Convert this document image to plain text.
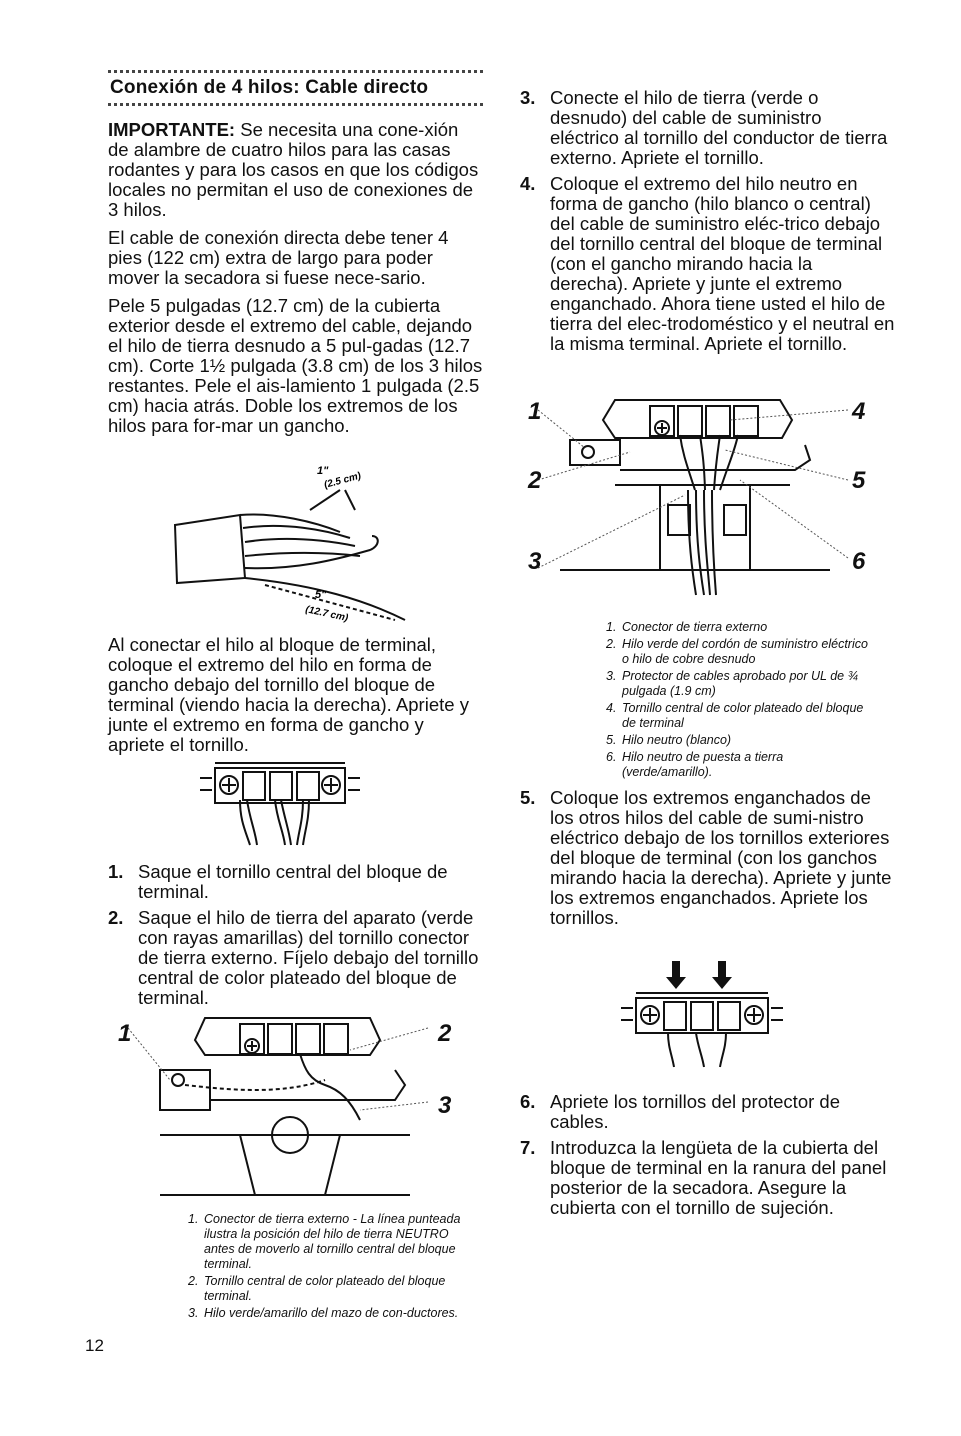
Conexión de 4 hilos: Cable directo

IMPORTANTE: Se necesita una cone-xión de alambre de cuatro hilos para las casas rodantes y para los casos en que los códigos locales no permitan el uso de conexiones de 3 hilos.

El cable de conexión directa debe tener 4 pies (122 cm) extra de largo para poder mover la secadora si fuese nece-sario.

Pele 5 pulgadas (12.7 cm) de la cubierta exterior desde el extremo del cable, dejando el hilo de tierra desnudo a 5 pul-gadas (12.7 cm). Corte 1½ pulgada (3.8 cm) de los 3 hilos restantes. Pele el ais-lamiento 1 pulgada (2.5 cm) hacia atrás. Doble los extremos de los hilos para for-mar un gancho.

1"
(2.5 cm)
5"
(12.7 cm)

Al conectar el hilo al bloque de terminal, coloque el extremo del hilo en forma de gancho debajo del tornillo del bloque de terminal (viendo hacia la derecha). Apriete y junte el extremo en forma de gancho y apriete el tornillo.

1. Saque el tornillo central del bloque de terminal.
2. Saque el hilo de tierra del aparato (verde con rayas amarillas) del tornillo conector de tierra externo. Fíjelo debajo del tornillo central de color plateado del bloque de terminal.
1	2
3
1. Conector de tierra externo - La línea punteada ilustra la posición del hilo de tierra NEUTRO antes de moverlo al tornillo central del bloque terminal.
2. Tornillo central de color plateado del bloque terminal.
3. Hilo verde/amarillo del mazo de con-ductores.
12
3. Conecte el hilo de tierra (verde o desnudo) del cable de suministro eléctrico al tornillo del conductor de tierra externo. Apriete el tornillo.
4. Coloque el extremo del hilo neutro en forma de gancho (hilo blanco o central) del cable de suministro eléc-trico debajo del tornillo central del bloque de terminal (con el gancho mirando hacia la derecha). Apriete y junte el extremo enganchado. Ahora tiene usted el hilo de tierra del elec-trodoméstico y el neutral en la misma terminal. Apriete el tornillo.
1
2
3
4
5
6
1. Conector de tierra externo
2. Hilo verde del cordón de suministro eléctrico o hilo de cobre desnudo
3. Protector de cables aprobado por UL de ¾ pulgada (1.9 cm)
4. Tornillo central de color plateado del bloque de terminal
5. Hilo neutro (blanco)
6. Hilo neutro de puesta a tierra (verde/amarillo).
5. Coloque los extremos enganchados de los otros hilos del cable de sumi-nistro eléctrico debajo de los tornillos exteriores del bloque de terminal (con los ganchos mirando hacia la derecha). Apriete y junte los extremos enganchados. Apriete los tornillos.
6. Apriete los tornillos del protector de cables.
7. Introduzca la lengüeta de la cubierta del bloque de terminal en la ranura del panel posterior de la secadora. Asegure la cubierta con el tornillo de sujeción.
